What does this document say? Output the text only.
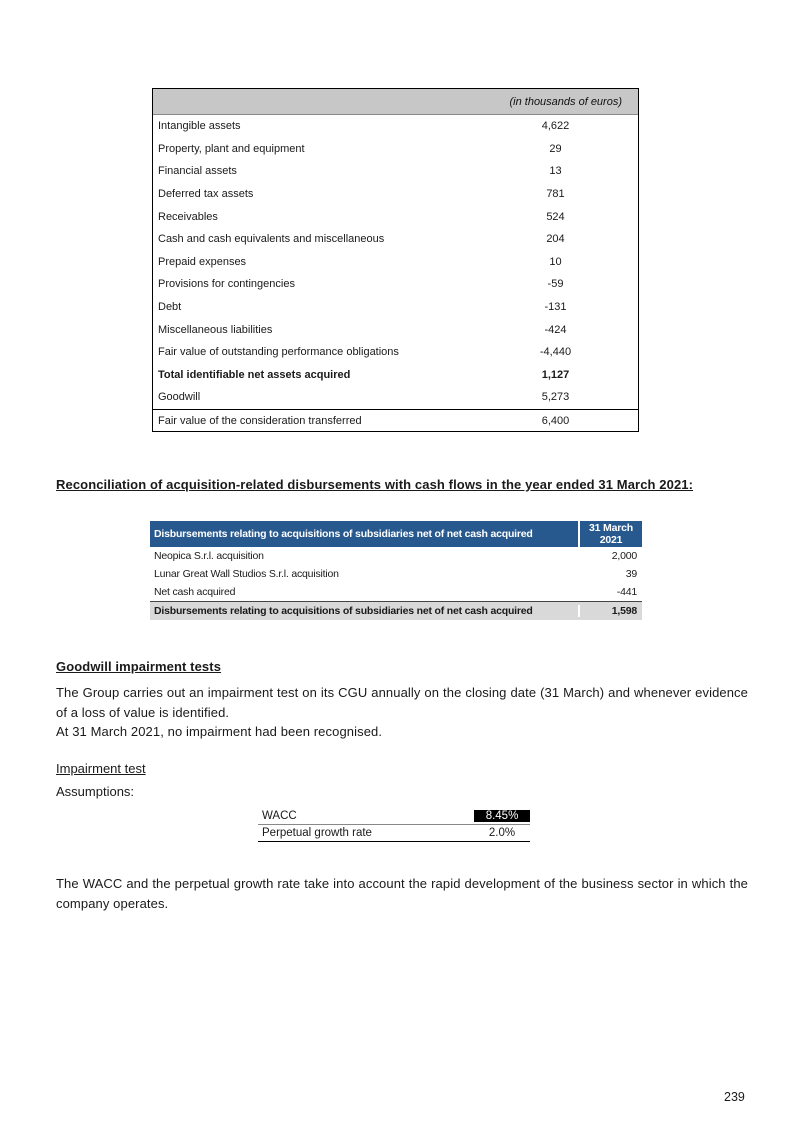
(in thousands of euros)
Intangible assets	4,622
Property, plant and equipment	29
Financial assets	13
Deferred tax assets	781
Receivables	524
Cash and cash equivalents and miscellaneous	204
Prepaid expenses	10
Provisions for contingencies	-59
Debt	-131
Miscellaneous liabilities	-424
Fair value of outstanding performance obligations	-4,440
Total identifiable net assets acquired	1,127
Goodwill	5,273
Fair value of the consideration transferred	6,400
Reconciliation of acquisition-related disbursements with cash flows in the year ended 31 March 2021:
Disbursements relating to acquisitions of subsidiaries net of net cash acquired	31 March 2021
Neopica S.r.l. acquisition	2,000
Lunar Great Wall Studios S.r.l. acquisition	39
Net cash acquired	-441
Disbursements relating to acquisitions of subsidiaries net of net cash acquired	1,598
Goodwill impairment tests
The Group carries out an impairment test on its CGU annually on the closing date (31 March) and whenever evidence of a loss of value is identified.
At 31 March 2021, no impairment had been recognised.
Impairment test
Assumptions:
WACC	8.45%
Perpetual growth rate	2.0%
The WACC and the perpetual growth rate take into account the rapid development of the business sector in which the company operates.
239
